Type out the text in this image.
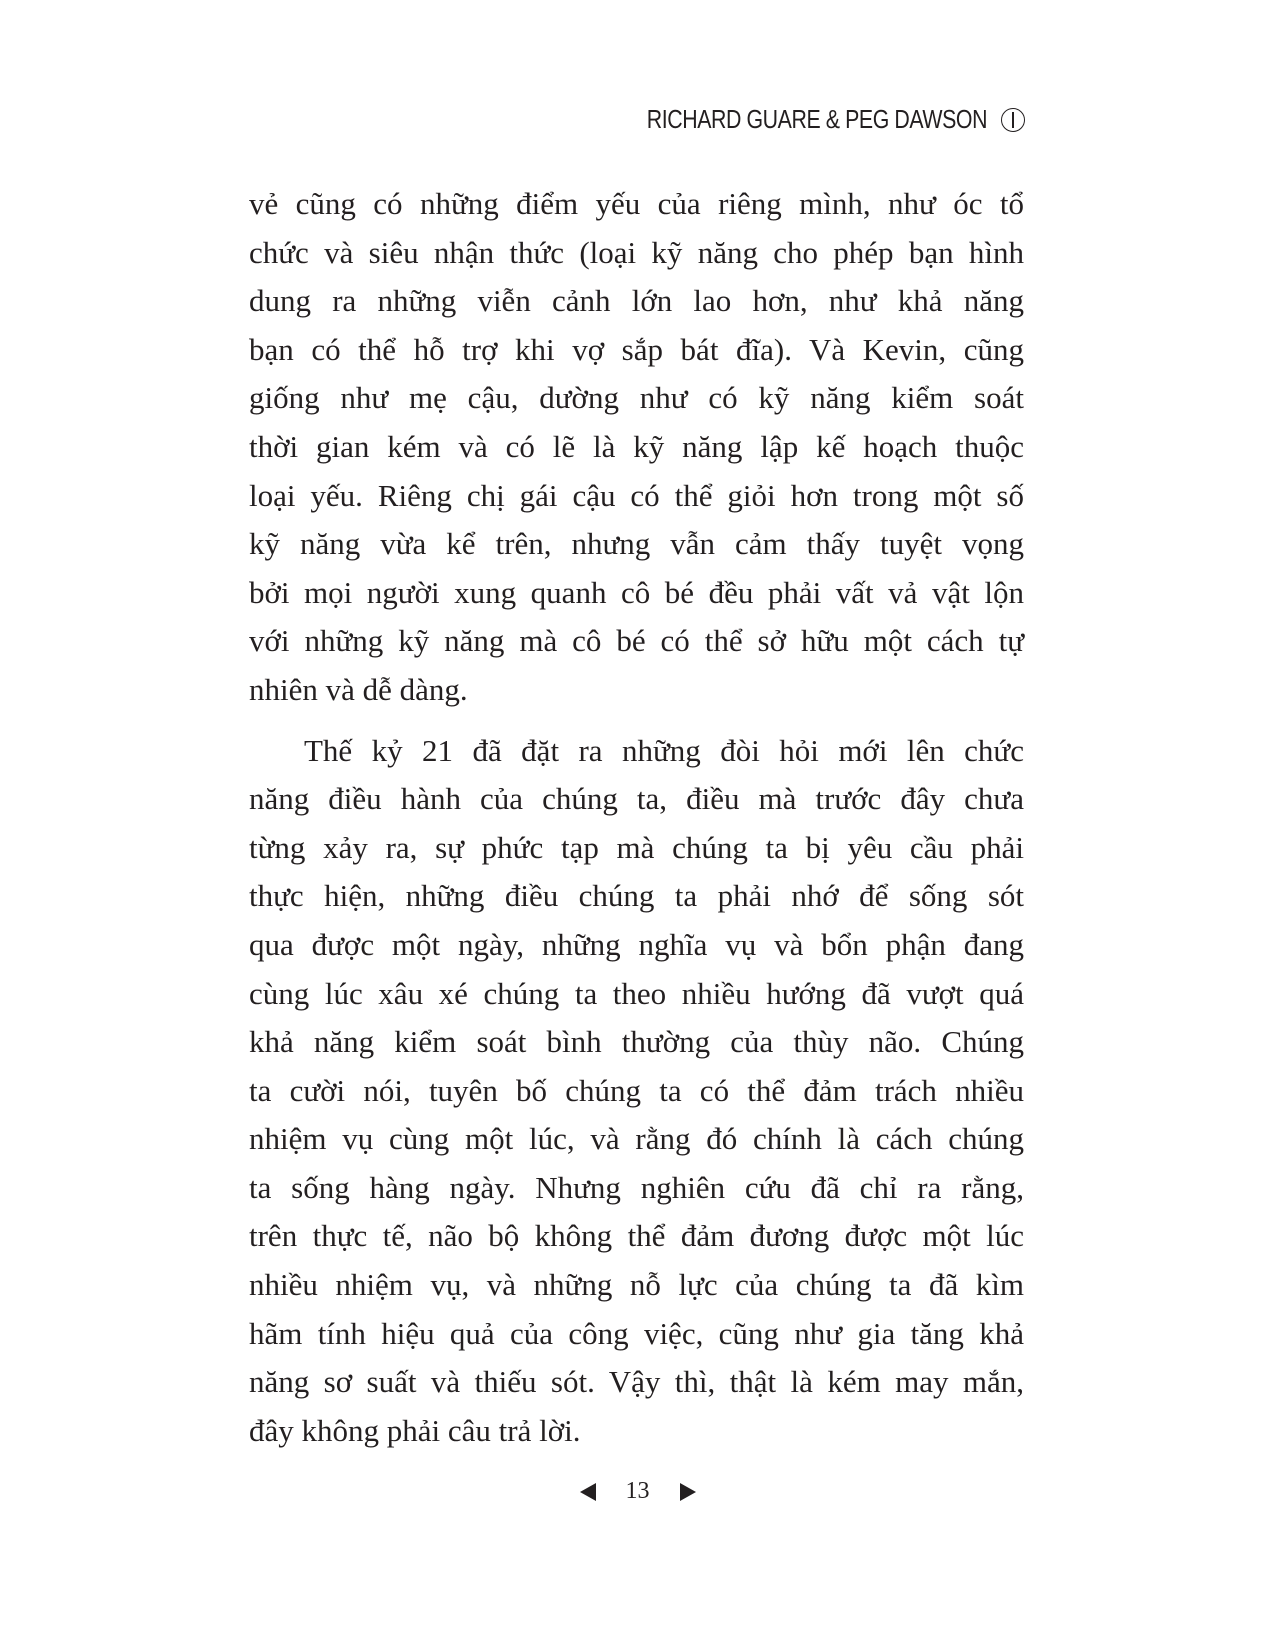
RICHARD GUARE & PEG DAWSON
vẻ cũng có những điểm yếu của riêng mình, như óc tổ
chức và siêu nhận thức (loại kỹ năng cho phép bạn hình
dung ra những viễn cảnh lớn lao hơn, như khả năng
bạn có thể hỗ trợ khi vợ sắp bát đĩa). Và Kevin, cũng
giống như mẹ cậu, dường như có kỹ năng kiểm soát
thời gian kém và có lẽ là kỹ năng lập kế hoạch thuộc
loại yếu. Riêng chị gái cậu có thể giỏi hơn trong một số
kỹ năng vừa kể trên, nhưng vẫn cảm thấy tuyệt vọng
bởi mọi người xung quanh cô bé đều phải vất vả vật lộn
với những kỹ năng mà cô bé có thể sở hữu một cách tự
nhiên và dễ dàng.
Thế kỷ 21 đã đặt ra những đòi hỏi mới lên chức
năng điều hành của chúng ta, điều mà trước đây chưa
từng xảy ra, sự phức tạp mà chúng ta bị yêu cầu phải
thực hiện, những điều chúng ta phải nhớ để sống sót
qua được một ngày, những nghĩa vụ và bổn phận đang
cùng lúc xâu xé chúng ta theo nhiều hướng đã vượt quá
khả năng kiểm soát bình thường của thùy não. Chúng
ta cười nói, tuyên bố chúng ta có thể đảm trách nhiều
nhiệm vụ cùng một lúc, và rằng đó chính là cách chúng
ta sống hàng ngày. Nhưng nghiên cứu đã chỉ ra rằng,
trên thực tế, não bộ không thể đảm đương được một lúc
nhiều nhiệm vụ, và những nỗ lực của chúng ta đã kìm
hãm tính hiệu quả của công việc, cũng như gia tăng khả
năng sơ suất và thiếu sót. Vậy thì, thật là kém may mắn,
đây không phải câu trả lời.
13
